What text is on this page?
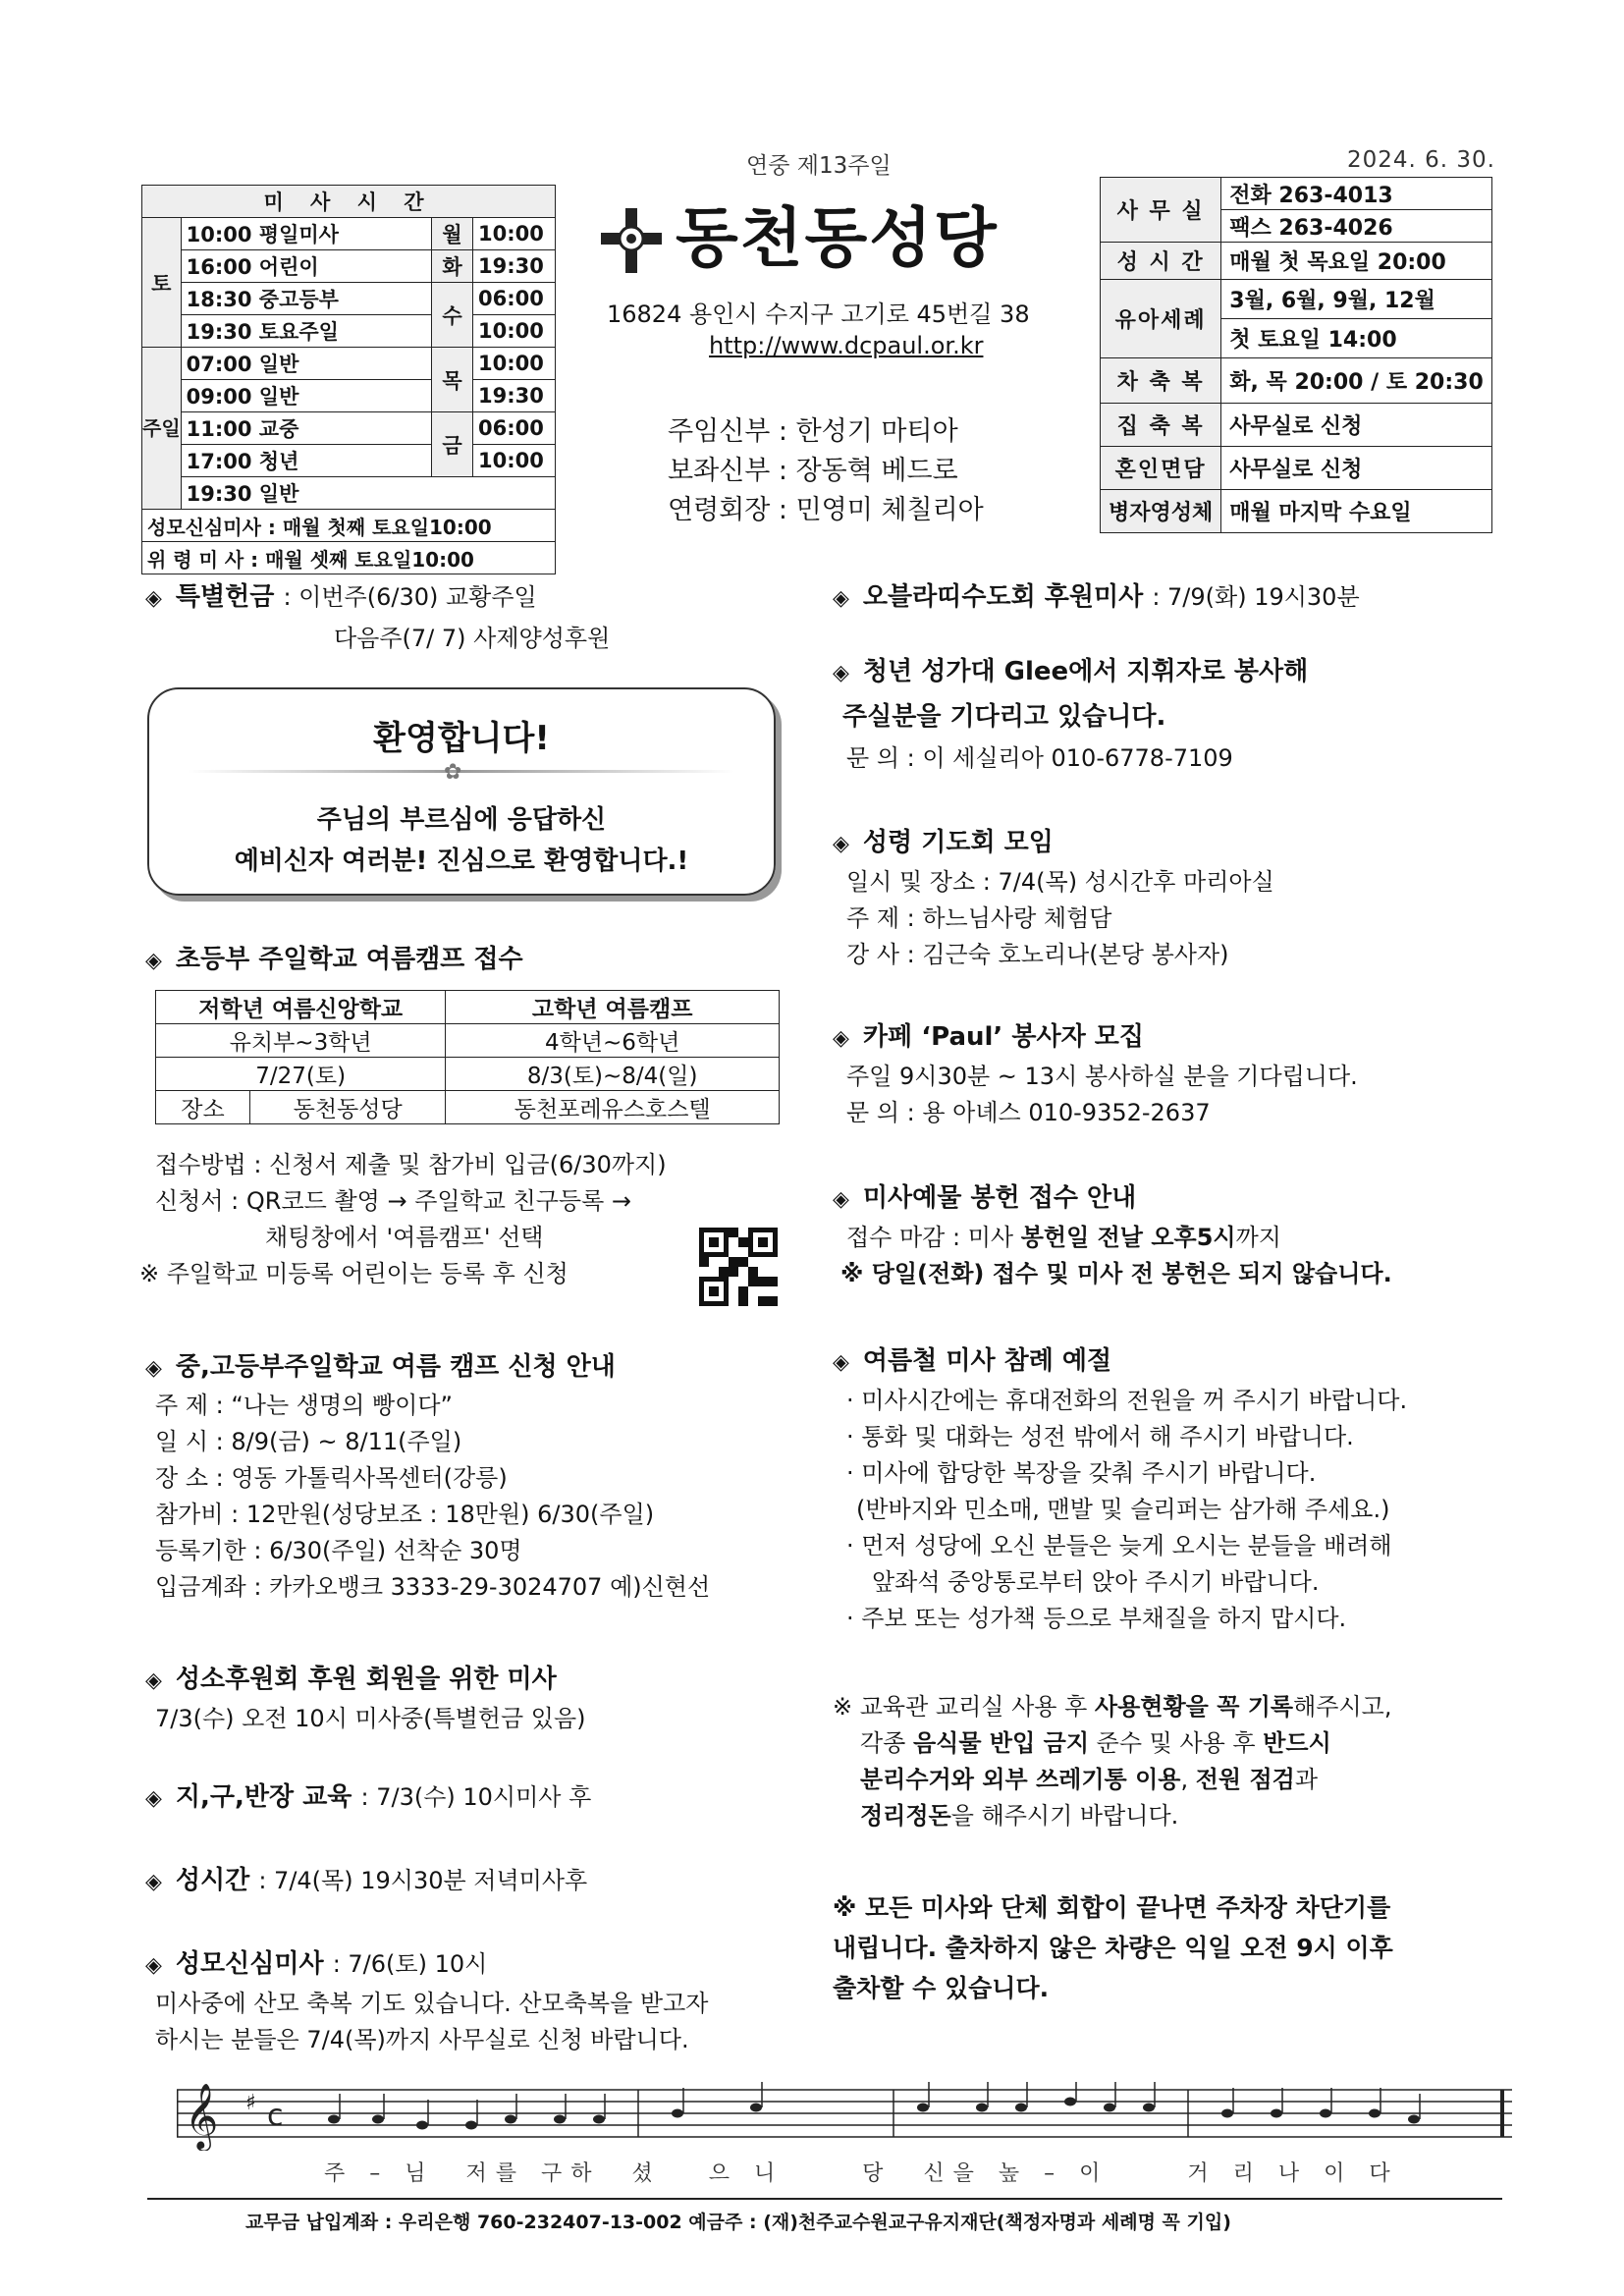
연중 제13주일	2024. 6. 30.
미 사 시 간			
토	10:00 평일미사	월	10:00
	16:00 어린이	화	19:30
	18:30 중고등부	수	06:00
	19:30 토요주일		10:00
주일	07:00 일반	목	10:00
	09:00 일반		19:30
	11:00 교중	금	06:00
	17:00 청년		10:00
	19:30 일반		
성모신심미사 : 매월 첫째 토요일10:00			
위 령 미 사 : 매월 셋째 토요일10:00			
동천동성당
16824 용인시 수지구 고기로 45번길 38
http://www.dcpaul.or.kr
주임신부 : 한성기 마티아
보좌신부 : 장동혁 베드로
연령회장 : 민영미 체칠리아
사 무 실	전화 263-4013
	팩스 263-4026
성 시 간	매월 첫 목요일 20:00
유아세례	3월, 6월, 9월, 12월
	첫 토요일 14:00
차 축 복	화, 목 20:00 / 토 20:30
집 축 복	사무실로 신청
혼인면담	사무실로 신청
병자영성체	매월 마지막 수요일
◈ 특별헌금 : 이번주(6/30) 교황주일
다음주(7/ 7) 사제양성후원
환영합니다!
✿
주님의 부르심에 응답하신
예비신자 여러분! 진심으로 환영합니다.!
◈ 초등부 주일학교 여름캠프 접수
저학년 여름신앙학교		고학년 여름캠프
유치부~3학년		4학년~6학년
7/27(토)		8/3(토)~8/4(일)
장소	동천동성당	동천포레유스호스텔
접수방법 : 신청서 제출 및 참가비 입금(6/30까지)
신청서 : QR코드 촬영 → 주일학교 친구등록 →
채팅창에서 '여름캠프' 선택
※ 주일학교 미등록 어린이는 등록 후 신청
◈ 중,고등부주일학교 여름 캠프 신청 안내
주 제 : “나는 생명의 빵이다”
일 시 : 8/9(금) ~ 8/11(주일)
장 소 : 영동 가톨릭사목센터(강릉)
참가비 : 12만원(성당보조 : 18만원) 6/30(주일)
등록기한 : 6/30(주일) 선착순 30명
입금계좌 : 카카오뱅크 3333-29-3024707 예)신현선
◈ 성소후원회 후원 회원을 위한 미사
7/3(수) 오전 10시 미사중(특별헌금 있음)
◈ 지,구,반장 교육 : 7/3(수) 10시미사 후
◈ 성시간 : 7/4(목) 19시30분 저녁미사후
◈ 성모신심미사 : 7/6(토) 10시
미사중에 산모 축복 기도 있습니다. 산모축복을 받고자
하시는 분들은 7/4(목)까지 사무실로 신청 바랍니다.
◈ 오블라띠수도회 후원미사 : 7/9(화) 19시30분
◈ 청년 성가대 Glee에서 지휘자로 봉사해
주실분을 기다리고 있습니다.
문 의 : 이 세실리아 010-6778-7109
◈ 성령 기도회 모임
일시 및 장소 : 7/4(목) 성시간후 마리아실
주 제 : 하느님사랑 체험담
강 사 : 김근숙 호노리나(본당 봉사자)
◈ 카페 ‘Paul’ 봉사자 모집
주일 9시30분 ~ 13시 봉사하실 분을 기다립니다.
문 의 : 용 아녜스 010-9352-2637
◈ 미사예물 봉헌 접수 안내
접수 마감 : 미사 봉헌일 전날 오후5시까지
※ 당일(전화) 접수 및 미사 전 봉헌은 되지 않습니다.
◈ 여름철 미사 참례 예절
· 미사시간에는 휴대전화의 전원을 꺼 주시기 바랍니다.
· 통화 및 대화는 성전 밖에서 해 주시기 바랍니다.
· 미사에 합당한 복장을 갖춰 주시기 바랍니다.
(반바지와 민소매, 맨발 및 슬리퍼는 삼가해 주세요.)
· 먼저 성당에 오신 분들은 늦게 오시는 분들을 배려해
앞좌석 중앙통로부터 앉아 주시기 바랍니다.
· 주보 또는 성가책 등으로 부채질을 하지 맙시다.
※ 교육관 교리실 사용 후 사용현황을 꼭 기록해주시고,
각종 음식물 반입 금지 준수 및 사용 후 반드시
분리수거와 외부 쓰레기통 이용, 전원 점검과
정리정돈을 해주시기 바랍니다.
※ 모든 미사와 단체 회합이 끝나면 주차장 차단기를
내립니다. 출차하지 않은 차량은 익일 오전 9시 이후
출차할 수 있습니다.
𝄞 ♯ c
주 – 님  저를 구하  셨   으 니     당  신을 높 – 이     거 리 나 이 다
교무금 납입계좌 : 우리은행 760-232407-13-002 예금주 : (재)천주교수원교구유지재단(책정자명과 세례명 꼭 기입)
